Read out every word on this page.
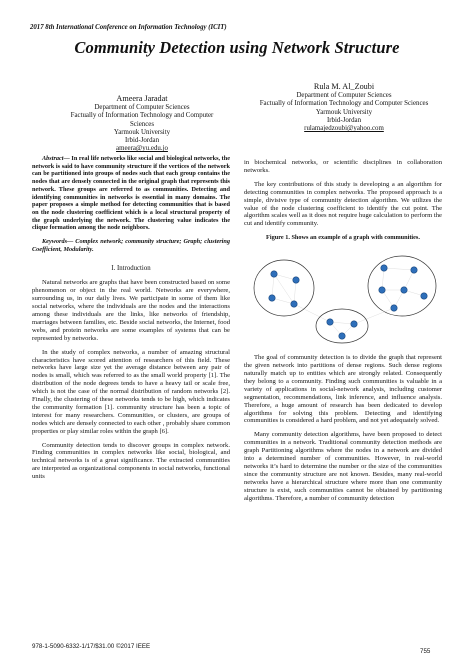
2017 8th International Conference on Information Technology (ICIT)
Community Detection using Network Structure
Ameera Jaradat
Department of Computer Sciences
Factually of Information Technology and Computer Sciences
Yarmouk University
Irbid-Jordan
ameera@yu.edu.jo
Rula M. Al_Zoubi
Department of Computer Sciences
Factually of Information Technology and Computer Sciences
Yarmouk University
Irbid-Jordan
rulamajedzoubi@yahoo.com

Abstract— In real life networks like social and biological networks, the network is said to have community structure if the vertices of the network can be partitioned into groups of nodes such that each group contains the nodes that are densely connected in the original graph that represents this network. These groups are referred to as communities. Detecting and identifying communities in networks is essential in many domains. The paper proposes a simple method for detecting communities that is based on the node clustering coefficient which is a local structural property of the graph underlying the network. The clustering value indicates the clique formation among the node neighbors.

Keywords— Complex network; community structure; Graph; clustering Coefficient, Modularity.

I. Introduction

Natural networks are graphs that have been constructed based on some phenomenon or object in the real world. Networks are everywhere, surrounding us, in our daily lives. We participate in some of them like social networks, where the individuals are the nodes and the interactions among these individuals are the links, like networks of friendship, marriages between families, etc. Beside social networks, the Internet, food webs, and protein networks are some examples of systems that can be represented by networks.

In the study of complex networks, a number of amazing structural characteristics have scored attention of researchers of this field. These networks have large size yet the average distance between any pair of nodes is small, which was referred to as the small world property [1]. The distribution of the node degrees tends to have a heavy tail or scale free, which is not the case of the normal distribution of random networks [2]. Finally, the clustering of these networks tends to be high, which indicates the community formation [1]. community structure has been a topic of interest for many researchers. Communities, or clusters, are groups of nodes which are densely connected to each other , probably share common properties or play similar roles within the graph [6].

Community detection tends to discover groups in complex network. Finding communities in complex networks like social, biological, and technical networks is of a great significance. The extracted communities are interpreted as organizational components in social networks, functional units

in biochemical networks, or scientific disciplines in collaboration networks.

The key contributions of this study is developing a an algorithm for detecting communities in complex networks. The proposed approach is a simple, divisive type of community detection algorithm. We utilizes the value of the node clustering coefficient to identify the cut point. The algorithm scales well as it does not require huge calculation to perform the cut and identify community.

Figure 1. Shows an example of a graph with communities.

The goal of community detection is to divide the graph that represent the given network into partitions of dense regions. Such dense regions naturally match up to entities which are strongly related. Consequently they belong to a community. Finding such communities is valuable in a variety of applications in social-network analysis, including customer segmentation, recommendations, link inference, and influence analysis. Therefore, a huge amount of research has been dedicated to develop algorithms for solving this problem. Detecting and identifying communities is considered a hard problem, and not yet adequately solved.

Many community detection algorithms, have been proposed to detect communities in a network. Traditional community detection methods are graph Partitioning algorithms where the nodes in a network are divided into a determined number of communities. However, in real-world networks it’s hard to determine the number or the size of the communities since the community structure are not known. Besides, many real-world networks have a hierarchical structure where more than one community structure is exist, such communities cannot be obtained by partitioning algorithms. Therefore, a number of community detection

978-1-5090-6332-1/17/$31.00 ©2017 IEEE
755
